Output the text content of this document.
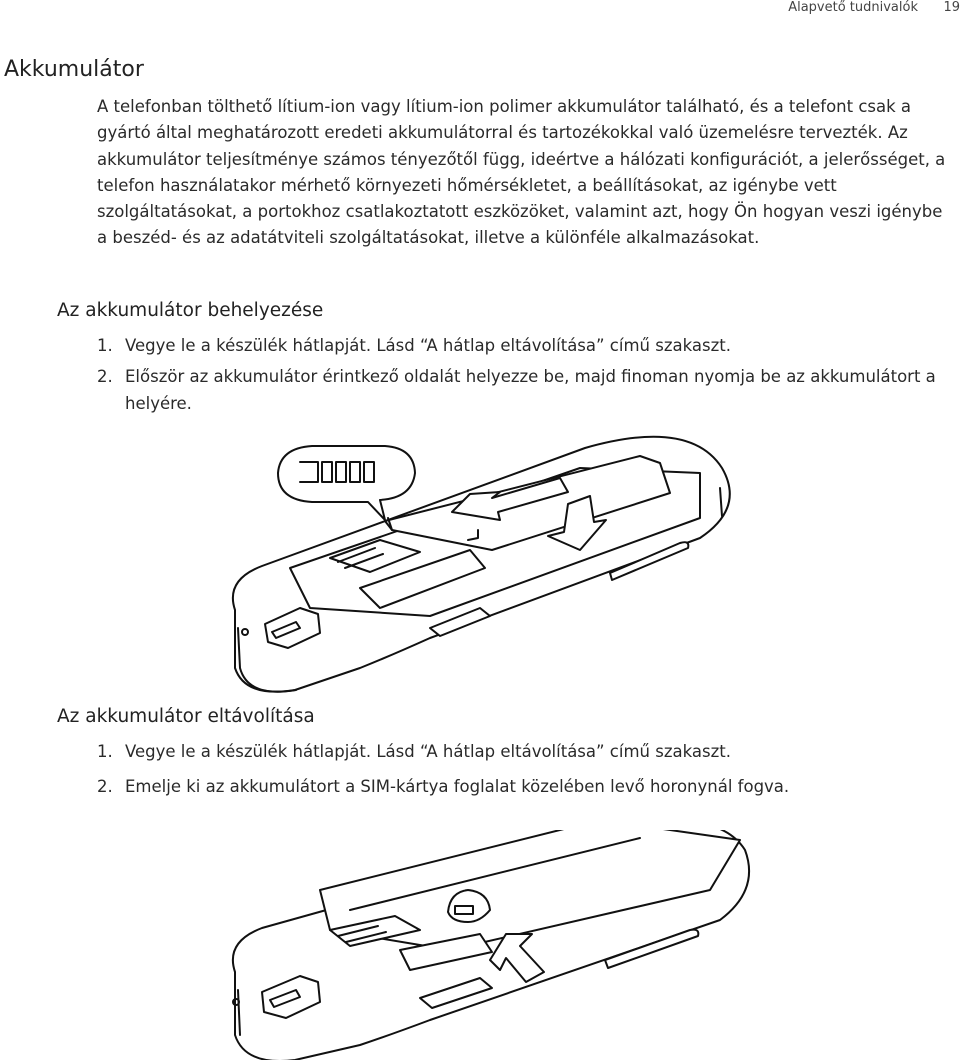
Alapvető tudnivalók 19
Akkumulátor

A telefonban tölthető lítium-ion vagy lítium-ion polimer akkumulátor található, és a telefont csak a gyártó által meghatározott eredeti akkumulátorral és tartozékokkal való üzemelésre tervezték. Az akkumulátor teljesítménye számos tényezőtől függ, ideértve a hálózati konfigurációt, a jelerősséget, a telefon használatakor mérhető környezeti hőmérsékletet, a beállításokat, az igénybe vett szolgáltatásokat, a portokhoz csatlakoztatott eszközöket, valamint azt, hogy Ön hogyan veszi igénybe a beszéd- és az adatátviteli szolgáltatásokat, illetve a különféle alkalmazásokat.

Az akkumulátor behelyezése
1. Vegye le a készülék hátlapját. Lásd “A hátlap eltávolítása” című szakaszt.
2. Először az akkumulátor érintkező oldalát helyezze be, majd finoman nyomja be az akkumulátort a helyére.
Az akkumulátor eltávolítása
1. Vegye le a készülék hátlapját. Lásd “A hátlap eltávolítása” című szakaszt.
2. Emelje ki az akkumulátort a SIM-kártya foglalat közelében levő horonynál fogva.
